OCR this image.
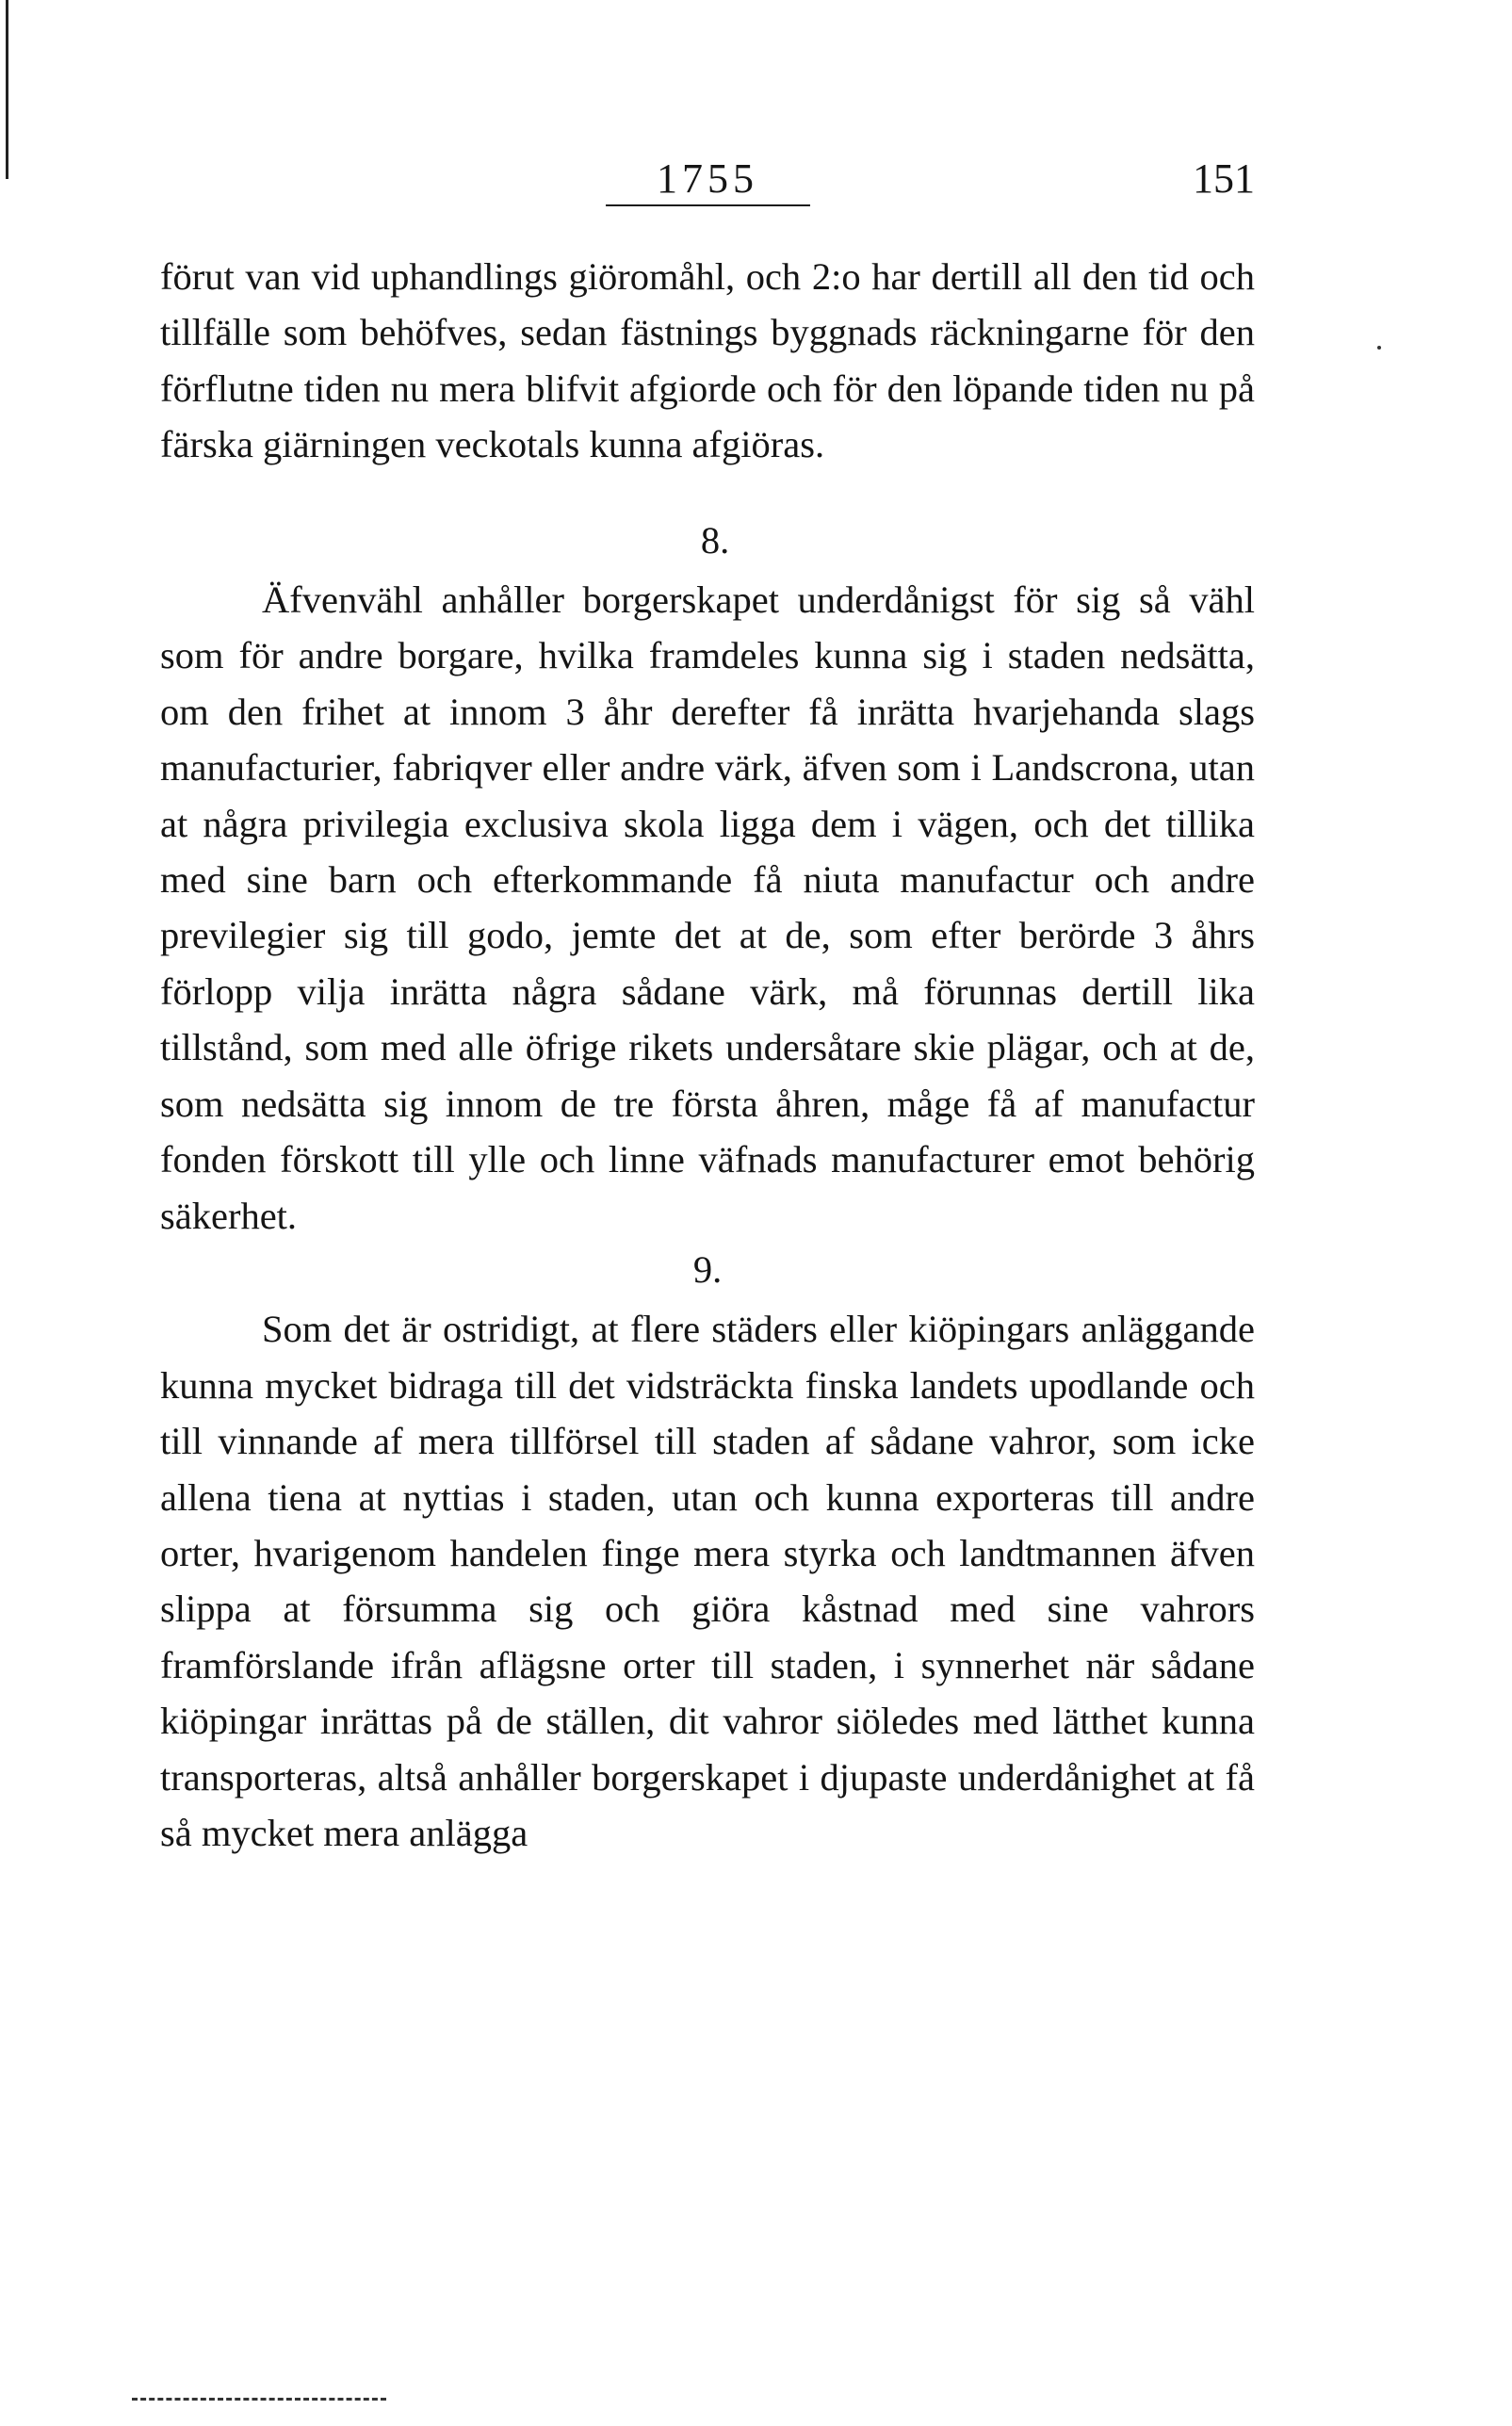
1755	151

förut van vid uphandlings giöromåhl, och 2:o har dertill all den tid och tillfälle som behöfves, sedan fästnings byggnads räckningarne för den förflutne tiden nu mera blifvit afgiorde och för den löpande tiden nu på färska giärningen veckotals kunna afgiöras.

8.

Äfvenvähl anhåller borgerskapet underdånigst för sig så vähl som för andre borgare, hvilka framdeles kunna sig i staden nedsätta, om den frihet at innom 3 åhr derefter få inrätta hvarjehanda slags manufacturier, fabriqver eller andre värk, äfven som i Landscrona, utan at några privilegia exclusiva skola ligga dem i vägen, och det tillika med sine barn och efterkommande få niuta manufactur och andre previlegier sig till godo, jemte det at de, som efter berörde 3 åhrs förlopp vilja inrätta några sådane värk, må förunnas dertill lika tillstånd, som med alle öfrige rikets undersåtare skie plägar, och at de, som nedsätta sig innom de tre första åhren, måge få af manufactur fonden förskott till ylle och linne väfnads manufacturer emot behörig säkerhet.

9.

Som det är ostridigt, at flere städers eller kiöpingars anläggande kunna mycket bidraga till det vidsträckta finska landets upodlande och till vinnande af mera tillförsel till staden af sådane vahror, som icke allena tiena at nyttias i staden, utan och kunna exporteras till andre orter, hvarigenom handelen finge mera styrka och landtmannen äfven slippa at försumma sig och giöra kåstnad med sine vahrors framförslande ifrån aflägsne orter till staden, i synnerhet när sådane kiöpingar inrättas på de ställen, dit vahror siöledes med lätthet kunna transporteras, altså anhåller borgerskapet i djupaste underdånighet at få så mycket mera anlägga
